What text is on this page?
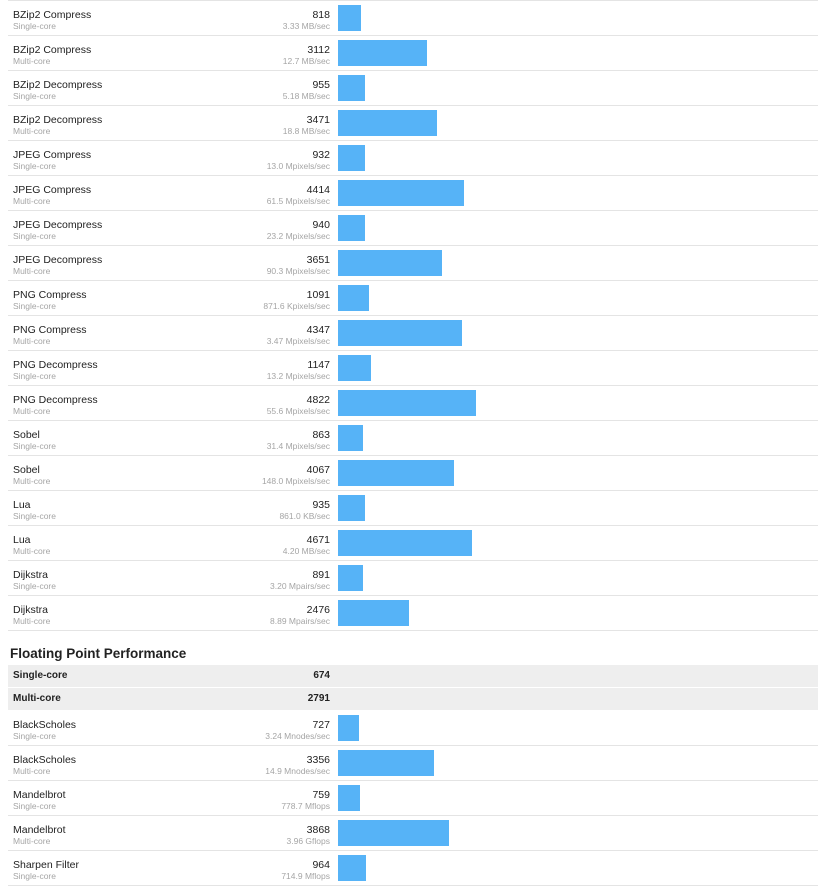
BZip2 Compress
Single-core
818
3.33 MB/sec
BZip2 Compress
Multi-core
3112
12.7 MB/sec
BZip2 Decompress
Single-core
955
5.18 MB/sec
BZip2 Decompress
Multi-core
3471
18.8 MB/sec
JPEG Compress
Single-core
932
13.0 Mpixels/sec
JPEG Compress
Multi-core
4414
61.5 Mpixels/sec
JPEG Decompress
Single-core
940
23.2 Mpixels/sec
JPEG Decompress
Multi-core
3651
90.3 Mpixels/sec
PNG Compress
Single-core
1091
871.6 Kpixels/sec
PNG Compress
Multi-core
4347
3.47 Mpixels/sec
PNG Decompress
Single-core
1147
13.2 Mpixels/sec
PNG Decompress
Multi-core
4822
55.6 Mpixels/sec
Sobel
Single-core
863
31.4 Mpixels/sec
Sobel
Multi-core
4067
148.0 Mpixels/sec
Lua
Single-core
935
861.0 KB/sec
Lua
Multi-core
4671
4.20 MB/sec
Dijkstra
Single-core
891
3.20 Mpairs/sec
Dijkstra
Multi-core
2476
8.89 Mpairs/sec
Floating Point Performance
Single-core	674
Multi-core	2791
BlackScholes
Single-core
727
3.24 Mnodes/sec
BlackScholes
Multi-core
3356
14.9 Mnodes/sec
Mandelbrot
Single-core
759
778.7 Mflops
Mandelbrot
Multi-core
3868
3.96 Gflops
Sharpen Filter
Single-core
964
714.9 Mflops
